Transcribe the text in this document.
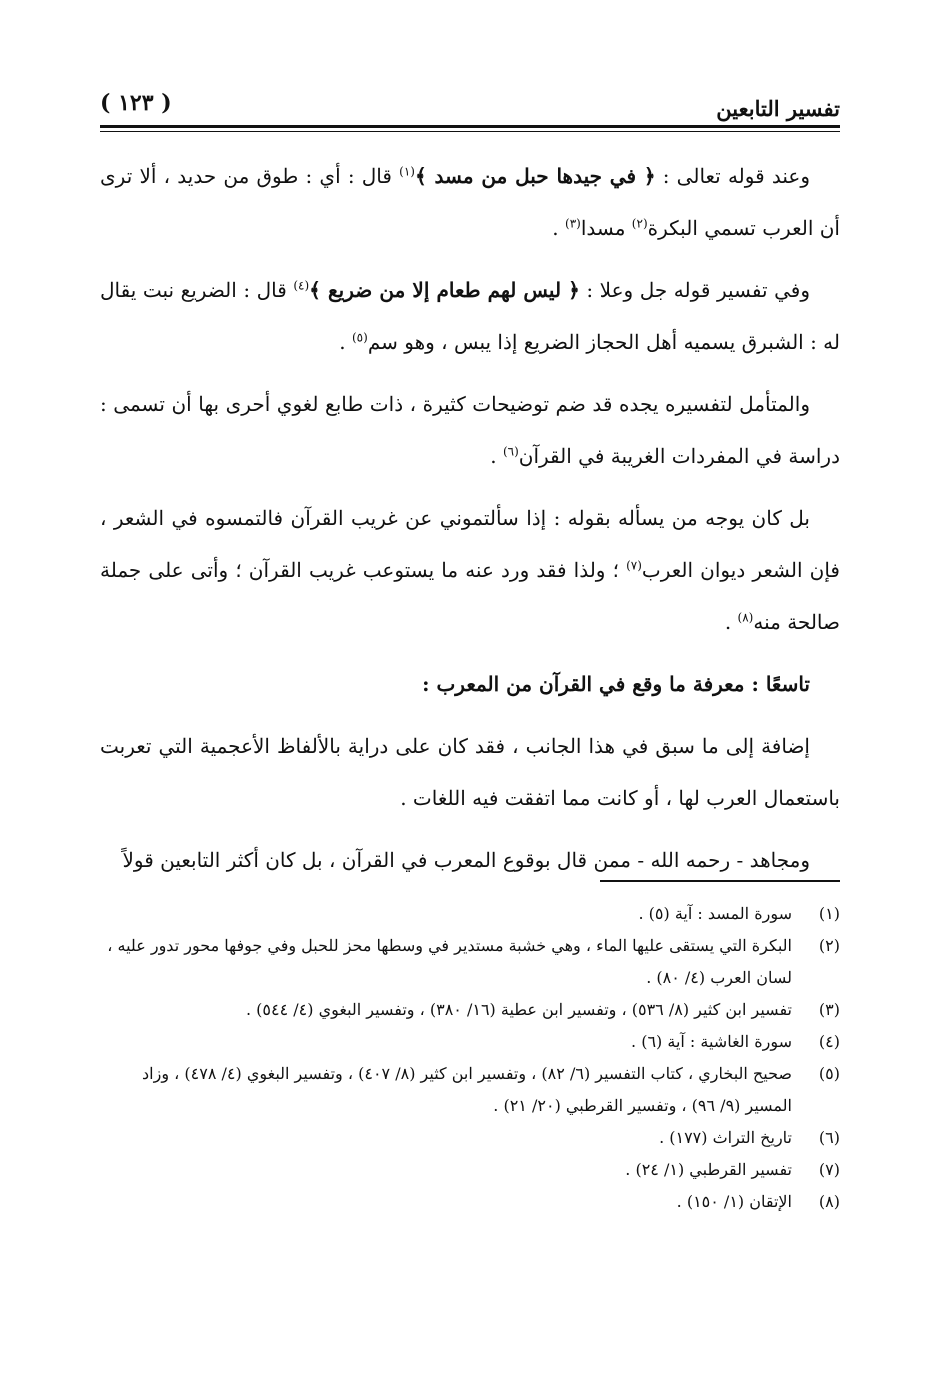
تفسير التابعين
( ١٢٣ )

وعند قوله تعالى : ﴿ في جيدها حبل من مسد ﴾$^{(١)}$ قال : أي : طوق من حديد ، ألا ترى أن العرب تسمي البكرة$^{(٢)}$ مسدا$^{(٣)}$ .

وفي تفسير قوله جل وعلا : ﴿ ليس لهم طعام إلا من ضريع ﴾$^{(٤)}$ قال : الضريع نبت يقال له : الشبرق يسميه أهل الحجاز الضريع إذا يبس ، وهو سم$^{(٥)}$ .

والمتأمل لتفسيره يجده قد ضم توضيحات كثيرة ، ذات طابع لغوي أحرى بها أن تسمى : دراسة في المفردات الغريبة في القرآن$^{(٦)}$ .

بل كان يوجه من يسأله بقوله : إذا سألتموني عن غريب القرآن فالتمسوه في الشعر ، فإن الشعر ديوان العرب$^{(٧)}$ ؛ ولذا فقد ورد عنه ما يستوعب غريب القرآن ؛ وأتى على جملة صالحة منه$^{(٨)}$ .

تاسعًا : معرفة ما وقع في القرآن من المعرب :

إضافة إلى ما سبق في هذا الجانب ، فقد كان على دراية بالألفاظ الأعجمية التي تعربت باستعمال العرب لها ، أو كانت مما اتفقت فيه اللغات .

ومجاهد - رحمه الله - ممن قال بوقوع المعرب في القرآن ، بل كان أكثر التابعين قولاً

(١)
سورة المسد : آية (٥) .
(٢)
البكرة التي يستقى عليها الماء ، وهي خشبة مستدير في وسطها محز للحبل وفي جوفها محور تدور عليه ، لسان العرب (٤/ ٨٠) .
(٣)
تفسير ابن كثير (٨/ ٥٣٦) ، وتفسير ابن عطية (١٦/ ٣٨٠) ، وتفسير البغوي (٤/ ٥٤٤) .
(٤)
سورة الغاشية : آية (٦) .
(٥)
صحيح البخاري ، كتاب التفسير (٦/ ٨٢) ، وتفسير ابن كثير (٨/ ٤٠٧) ، وتفسير البغوي (٤/ ٤٧٨) ، وزاد المسير (٩/ ٩٦) ، وتفسير القرطبي (٢٠/ ٢١) .
(٦)
تاريخ التراث (١٧٧) .
(٧)
تفسير القرطبي (١/ ٢٤) .
(٨)
الإتقان (١/ ١٥٠) .
